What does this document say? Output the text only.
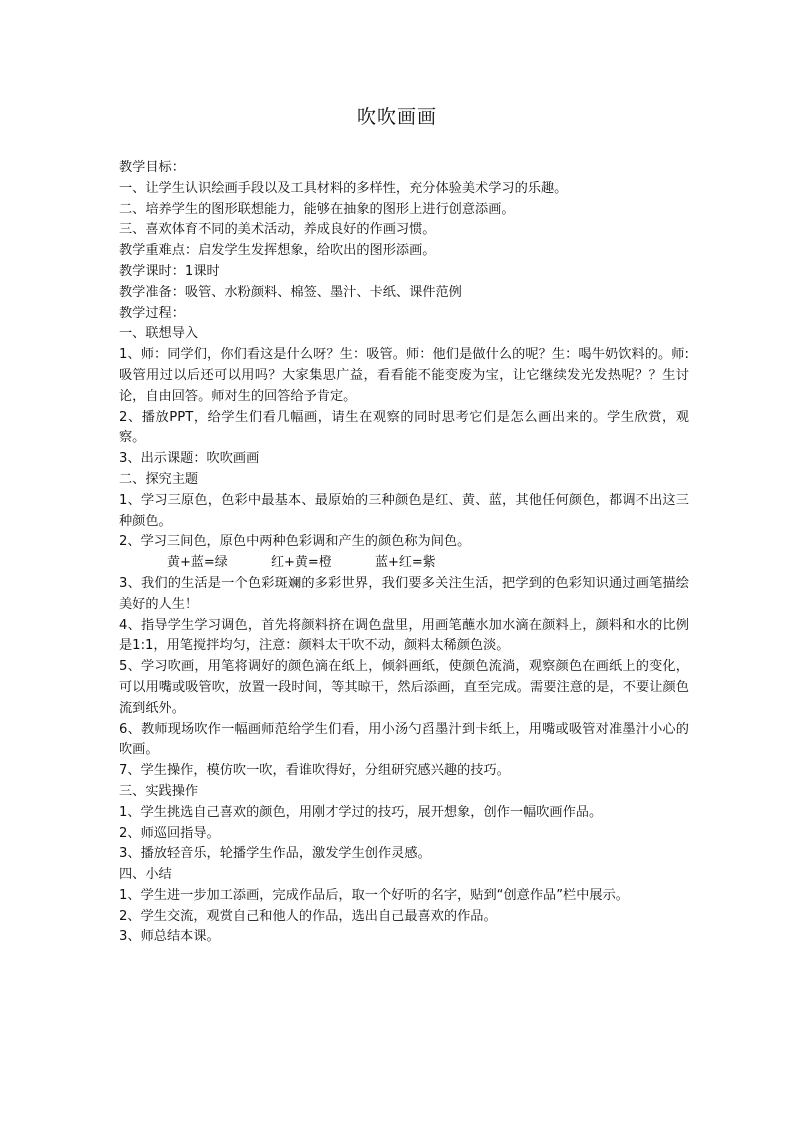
吹吹画画

教学目标：

一、让学生认识绘画手段以及工具材料的多样性，充分体验美术学习的乐趣。

二、培养学生的图形联想能力，能够在抽象的图形上进行创意添画。

三、喜欢体育不同的美术活动，养成良好的作画习惯。

教学重难点：启发学生发挥想象，给吹出的图形添画。

教学课时：1课时

教学准备：吸管、水粉颜料、棉签、墨汁、卡纸、课件范例

教学过程：

一、联想导入

1、师：同学们，你们看这是什么呀？生：吸管。师：他们是做什么的呢？生：喝牛奶饮料的。师:吸管用过以后还可以用吗？大家集思广益，看看能不能变废为宝，让它继续发光发热呢？？生讨论，自由回答。师对生的回答给予肯定。

2、播放PPT，给学生们看几幅画，请生在观察的同时思考它们是怎么画出来的。学生欣赏，观察。

3、出示课题：吹吹画画

二、探究主题

1、学习三原色，色彩中最基本、最原始的三种颜色是红、黄、蓝，其他任何颜色，都调不出这三种颜色。

2、学习三间色，原色中两种色彩调和产生的颜色称为间色。

黄+蓝=绿	红+黄=橙	蓝+红=紫

3、我们的生活是一个色彩斑斓的多彩世界，我们要多关注生活，把学到的色彩知识通过画笔描绘美好的人生！

4、指导学生学习调色，首先将颜料挤在调色盘里，用画笔蘸水加水滴在颜料上，颜料和水的比例是1:1，用笔搅拌均匀，注意：颜料太干吹不动，颜料太稀颜色淡。

5、学习吹画，用笔将调好的颜色滴在纸上，倾斜画纸，使颜色流淌，观察颜色在画纸上的变化，可以用嘴或吸管吹，放置一段时间，等其晾干，然后添画，直至完成。需要注意的是，不要让颜色流到纸外。

6、教师现场吹作一幅画师范给学生们看，用小汤勺舀墨汁到卡纸上，用嘴或吸管对准墨汁小心的吹画。

7、学生操作，模仿吹一吹，看谁吹得好，分组研究感兴趣的技巧。

三、实践操作

1、学生挑选自己喜欢的颜色，用刚才学过的技巧，展开想象，创作一幅吹画作品。

2、师巡回指导。

3、播放轻音乐，轮播学生作品，激发学生创作灵感。

四、小结

1、学生进一步加工添画，完成作品后，取一个好听的名字，贴到“创意作品”栏中展示。

2、学生交流，观赏自己和他人的作品，选出自己最喜欢的作品。

3、师总结本课。
